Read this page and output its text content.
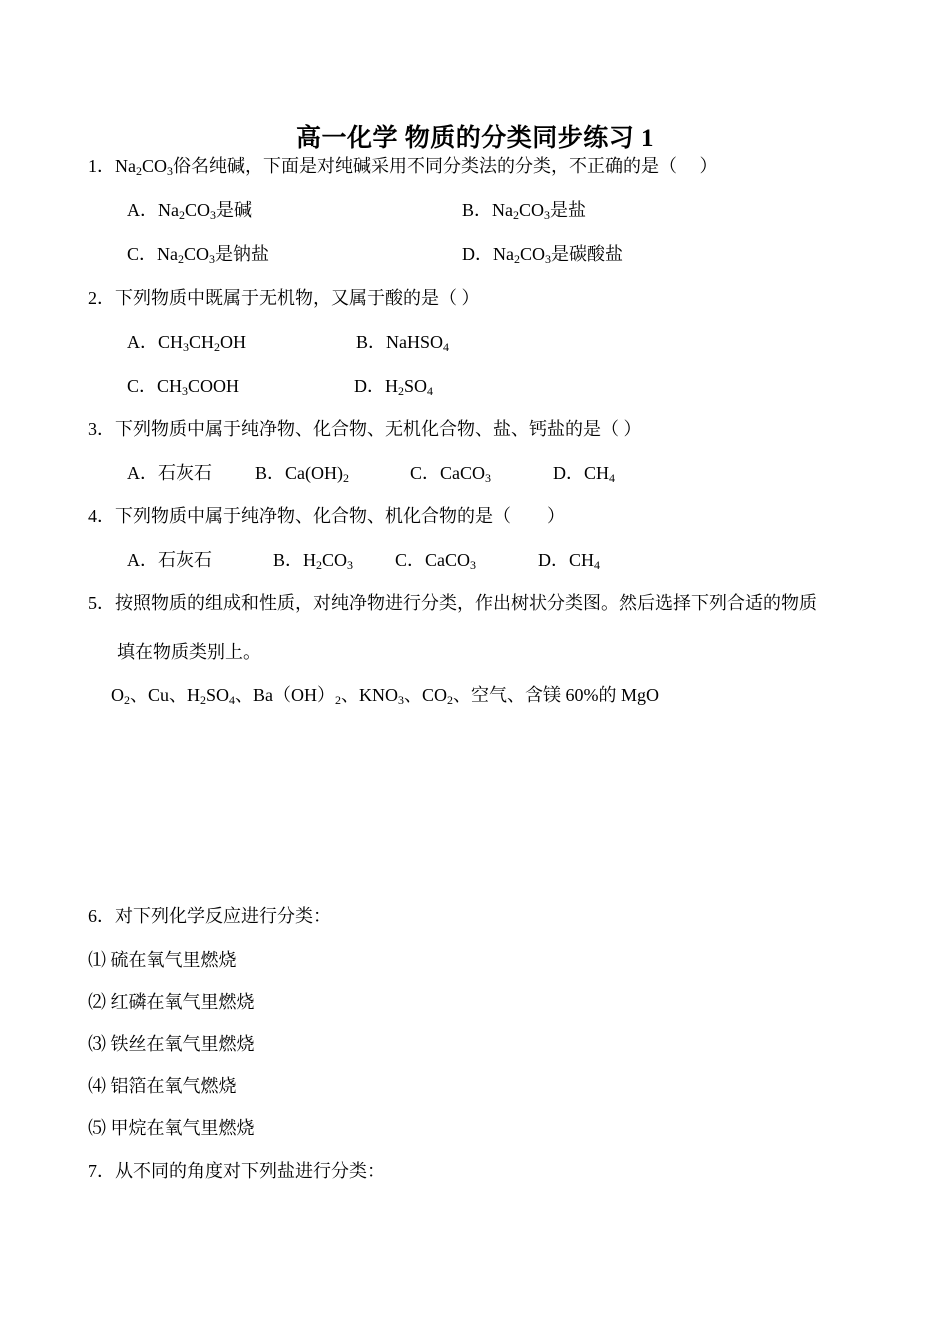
高一化学 物质的分类同步练习 1
1．$Na_2CO_3$俗名纯碱，下面是对纯碱采用不同分类法的分类，不正确的是（　 ）
A．$Na_2CO_3$是碱	B．$Na_2CO_3$是盐
C．$Na_2CO_3$是钠盐	D．$Na_2CO_3$是碳酸盐
2．下列物质中既属于无机物，又属于酸的是（ ）
A．$CH_3CH_2OH$	B．NaHSO$_4$
C．$CH_3COOH$	D．$H_2SO_4$
3．下列物质中属于纯净物、化合物、无机化合物、盐、钙盐的是（ ）
A．石灰石 B．$Ca(OH)_2$	C．CaCO$_3$	D．$CH_4$
4．下列物质中属于纯净物、化合物、机化合物的是（　　）
A．石灰石	B．$H_2CO_3$ C．CaCO$_3$	D．$CH_4$
5．按照物质的组成和性质，对纯净物进行分类，作出树状分类图。然后选择下列合适的物质
填在物质类别上。
$O_2$、Cu、$H_2SO_4$、$Ba(OH)_2$、$KNO_3$、$CO_2$、空气、含镁 60%的 MgO
6．对下列化学反应进行分类：
⑴ 硫在氧气里燃烧
⑵ 红磷在氧气里燃烧
⑶ 铁丝在氧气里燃烧
⑷ 铝箔在氧气燃烧
⑸ 甲烷在氧气里燃烧
7．从不同的角度对下列盐进行分类：
